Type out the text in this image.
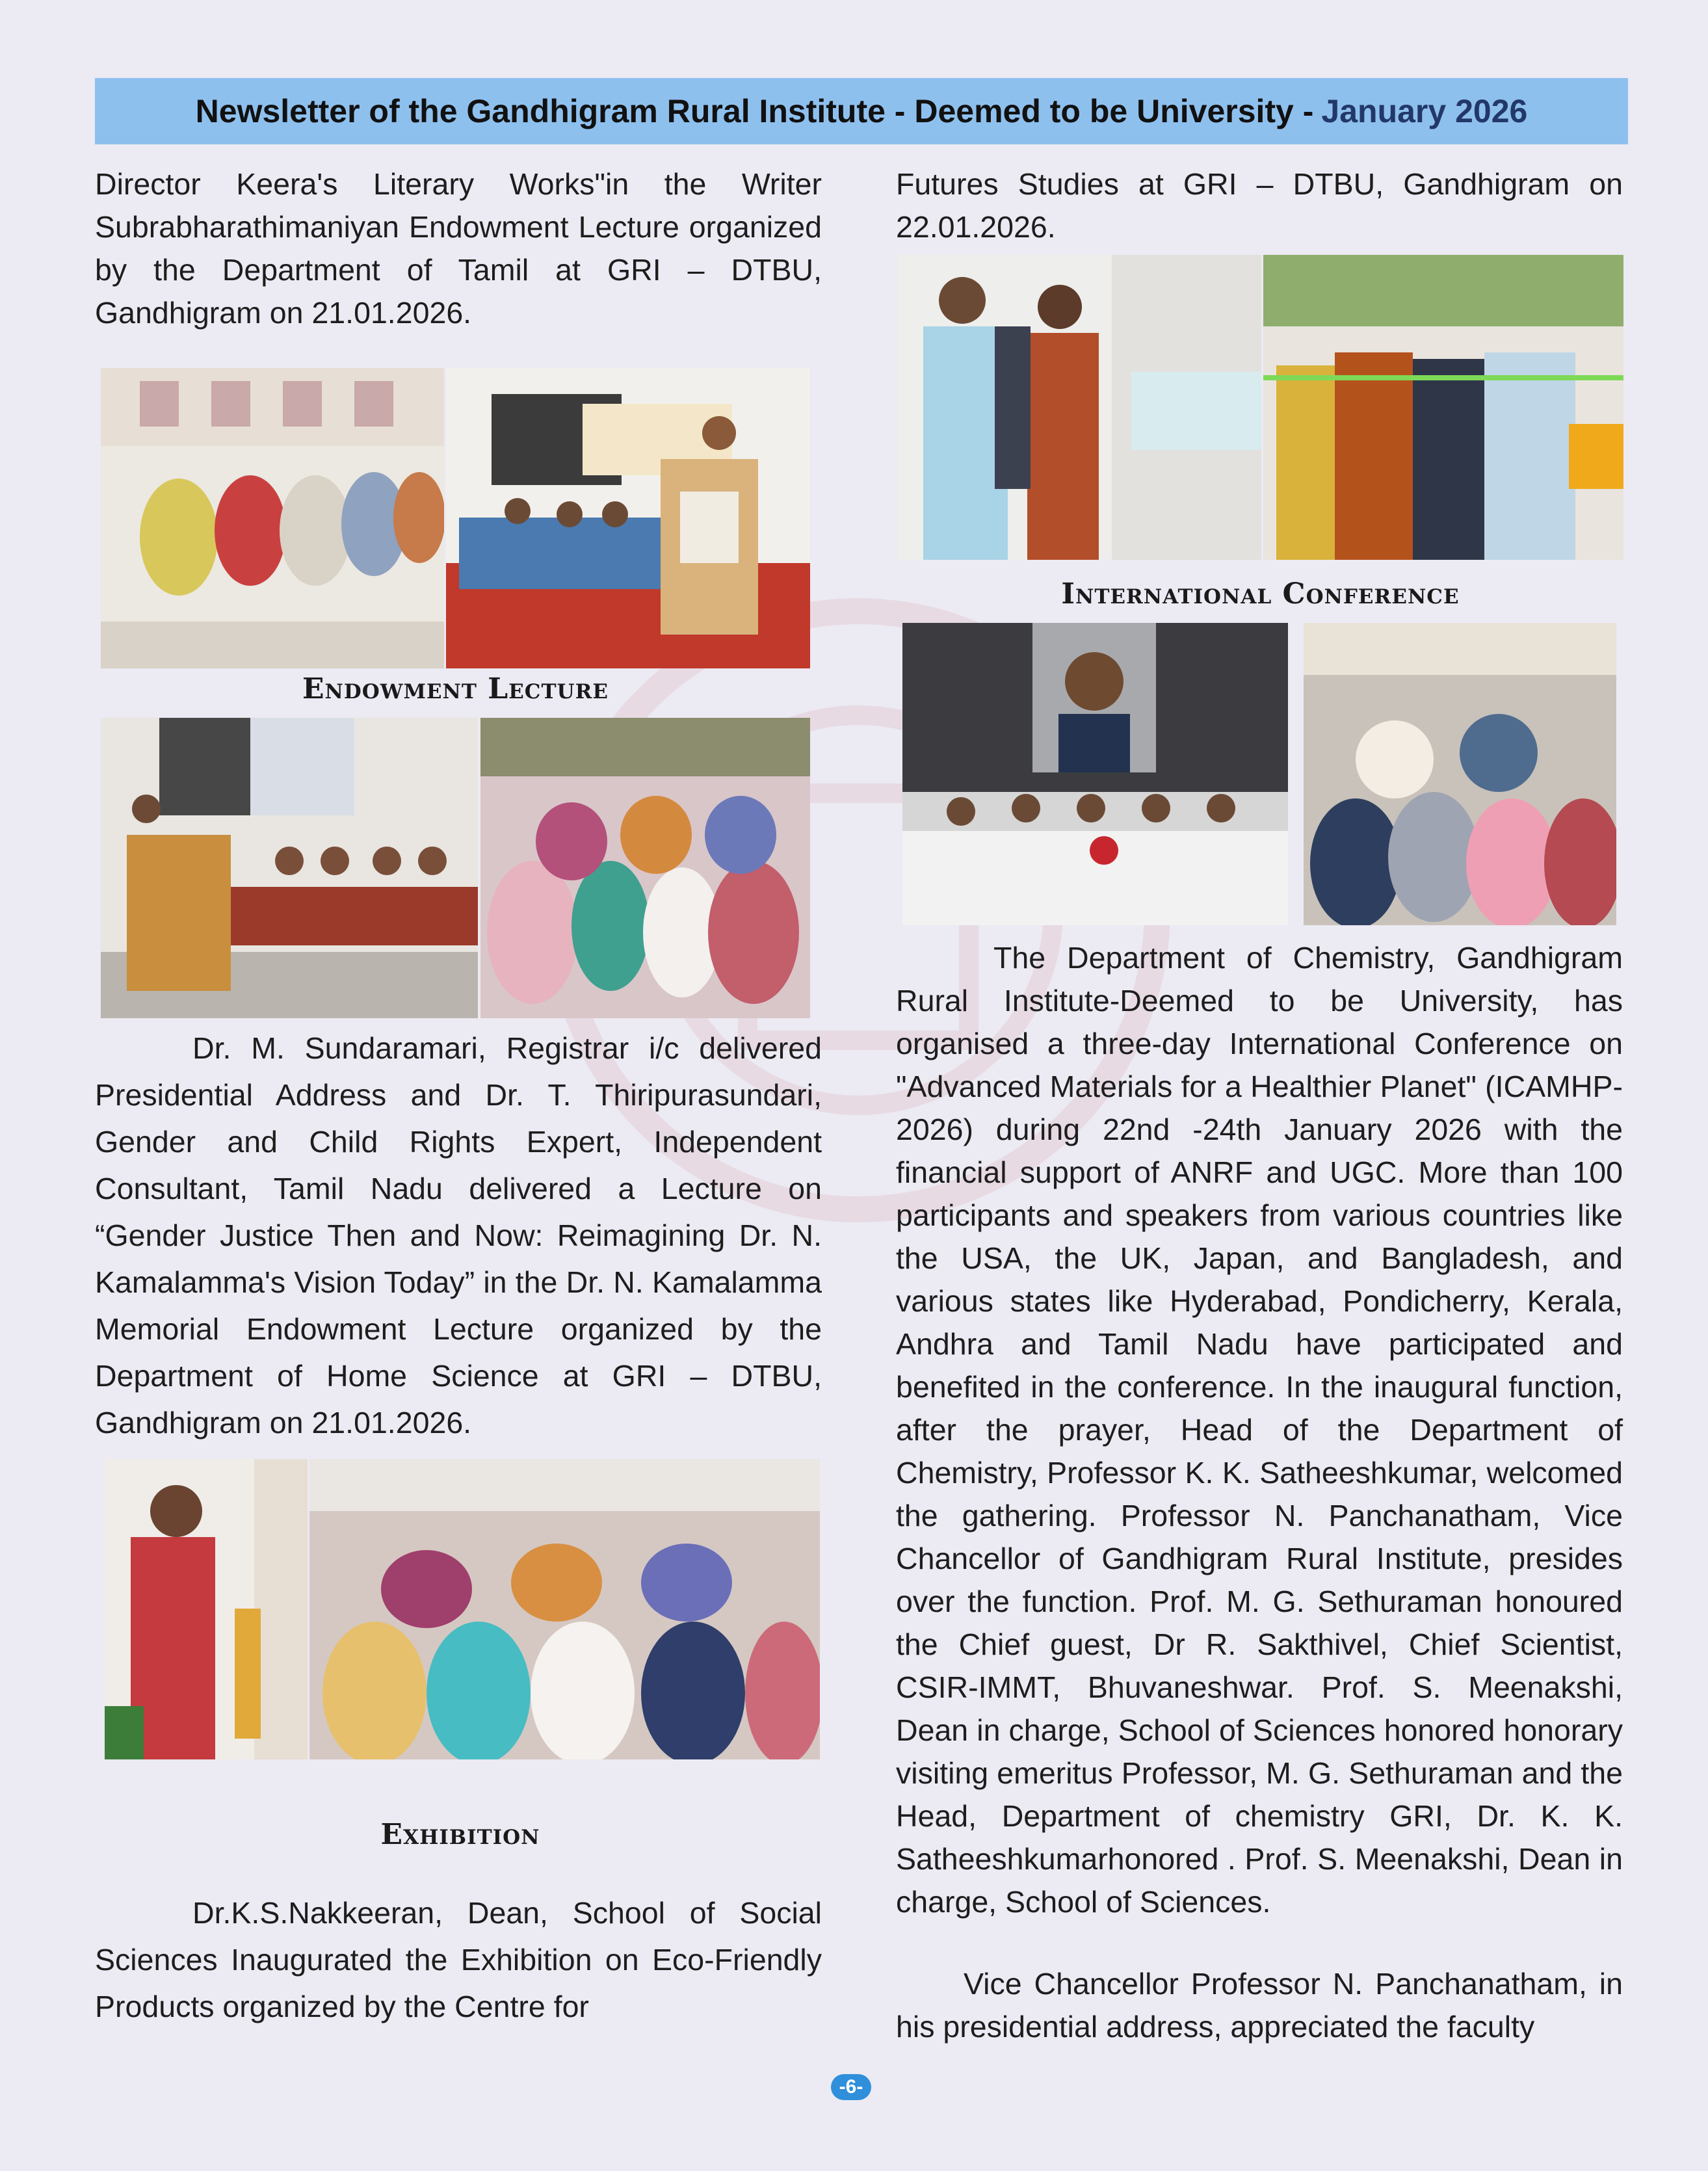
Newsletter of the Gandhigram Rural Institute - Deemed to be University - January 2026

Director Keera's Literary Works"in the Writer Subrabharathimaniyan Endowment Lecture organized by the Department of Tamil at GRI – DTBU, Gandhigram on 21.01.2026.

Endowment Lecture

Dr. M. Sundaramari, Registrar i/c delivered Presidential Address and Dr. T. Thiripurasundari, Gender and Child Rights Expert, Independent Consultant, Tamil Nadu delivered a Lecture on “Gender Justice Then and Now: Reimagining Dr. N. Kamalamma's Vision Today” in the Dr. N. Kamalamma Memorial Endowment Lecture organized by the Department of Home Science at GRI – DTBU, Gandhigram on 21.01.2026.

Exhibition

Dr.K.S.Nakkeeran, Dean, School of Social Sciences Inaugurated the Exhibition on Eco-Friendly Products organized by the Centre for

Futures Studies at GRI – DTBU, Gandhigram on 22.01.2026.

International Conference

The Department of Chemistry, Gandhigram Rural Institute-Deemed to be University, has organised a three-day International Conference on "Advanced Materials for a Healthier Planet" (ICAMHP-2026) during 22nd -24th January 2026 with the financial support of ANRF and UGC. More than 100 participants and speakers from various countries like the USA, the UK, Japan, and Bangladesh, and various states like Hyderabad, Pondicherry, Kerala, Andhra and Tamil Nadu have participated and benefited in the conference. In the inaugural function, after the prayer, Head of the Department of Chemistry, Professor K. K. Satheeshkumar, welcomed the gathering. Professor N. Panchanatham, Vice Chancellor of Gandhigram Rural Institute, presides over the function. Prof. M. G. Sethuraman honoured the Chief guest, Dr R. Sakthivel, Chief Scientist, CSIR-IMMT, Bhuvaneshwar. Prof. S. Meenakshi, Dean in charge, School of Sciences honored honorary visiting emeritus Professor, M. G. Sethuraman and the Head, Department of chemistry GRI, Dr. K. K. Satheeshkumarhonored . Prof. S. Meenakshi, Dean in charge, School of Sciences.

Vice Chancellor Professor N. Panchanatham, in his presidential address, appreciated the faculty

-6-
